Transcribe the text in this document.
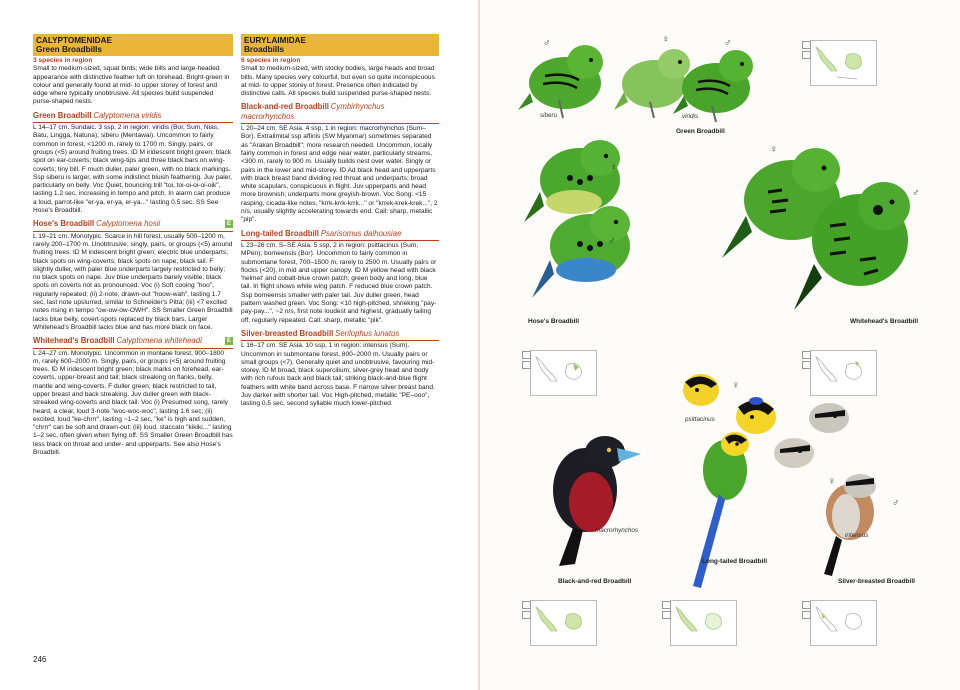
CALYPTOMENIDAE
Green Broadbills
3 species in region
Small to medium-sized, squat birds; wide bills and large-headed appearance with distinctive feather tuft on forehead. Bright-green in colour and generally found at mid- to upper storey of forest and edge where typically unobtrusive. All species build suspended purse-shaped nests.
Green Broadbill Calyptomena viridis
L 14–17 cm. Sundaic. 3 ssp, 2 in region: viridis (Bor, Sum, Nias, Batu, Lingga, Natuna); siberu (Mentawai). Uncommon to fairly common in forest, <1200 m, rarely to 1700 m. Singly, pairs, or groups (<5) around fruiting trees. ID M iridescent bright green; black spot on ear-coverts; black wing-tips and three black bars on wing-coverts; tiny bill. F much duller, paler green, with no black markings. Ssp siberu is larger, with some indistinct bluish feathering. Juv paler, particularly on belly. Voc Quiet, bouncing trill "toi, toi-oi-oi-oi-oik", lasting 1.2 sec, increasing in tempo and pitch. In alarm can produce a loud, parrot-like "er-ya, er-ya, er-ya..." lasting 0.5 sec. SS See Hose's Broadbill.
Hose's Broadbill Calyptomena hosii	E
L 19–21 cm. Monotypic. Scarce in hill forest, usually 500–1200 m, rarely 200–1700 m. Unobtrusive; singly, pairs, or groups (<5) around fruiting trees. ID M iridescent bright green; electric blue underparts; black spots on wing-coverts; black spots on nape; black tail. F slightly duller, with paler blue underparts largely restricted to belly; no black spots on nape. Juv blue underparts barely visible; black spots on coverts not as pronounced. Voc (i) Soft cooing "hoo", regularly repeated; (ii) 2-note, drawn-out "hoow-wah", lasting 1.7 sec, last note upslurred, similar to Schneider's Pitta; (iii) <7 excited notes rising in tempo "ow-ow-ow-OWH". SS Smaller Green Broadbill lacks blue belly, covert-spots replaced by black bars. Larger Whitehead's Broadbill lacks blue and has more black on face.
Whitehead's Broadbill Calyptomena whiteheadi	E
L 24–27 cm. Monotypic. Uncommon in montane forest, 900–1800 m, rarely 600–2000 m. Singly, pairs, or groups (<5) around fruiting trees. ID M iridescent bright green; black marks on forehead, ear-coverts, upper-breast and tail; black streaking on flanks, belly, mantle and wing-coverts. F duller green; black restricted to tail, upper breast and back streaking. Juv duller green with black-streaked wing-coverts and black tail. Voc (i) Presumed song, rarely heard, a clear, loud 3-note "woc-woc-woc", lasting 1.6 sec; (ii) excited, loud "ke-chrrr", lasting ~1–2 sec, "ke" is high and sudden, "chrrr" can be soft and drawn-out; (iii) loud, staccato "kikiki..." lasting 1–2 sec, often given when flying off. SS Smaller Green Broadbill has less black on throat and under- and upperparts. See also Hose's Broadbill.
EURYLAIMIDAE
Broadbills
6 species in region
Small to medium-sized, with stocky bodies, large heads and broad bills. Many species very colourful, but even so quite inconspicuous at mid- to upper storey of forest. Presence often indicated by distinctive calls. All species build suspended purse-shaped nests.
Black-and-red Broadbill Cymbirhynchus macrorhynchos
L 20–24 cm. SE Asia. 4 ssp, 1 in region: macrorhynchos (Sum–Bor). Extralimital ssp affinis (SW Myanmar) sometimes separated as "Arakan Broadbill"; more research needed. Uncommon, locally fairly common in forest and edge near water, particularly streams, <300 m, rarely to 900 m. Usually builds nest over water. Singly or pairs in the lower and mid-storey. ID Ad black head and upperparts with black breast band dividing red throat and underparts; broad white scapulars, conspicuous in flight. Juv upperparts and head more brownish; underparts more greyish-brown. Voc Song: <15 rasping, cicada-like notes, "krrk-krrk-krrk..." or "krrek-krek-krek...", 2 n/s, usually slightly accelerating towards end. Call: sharp, metallic "pip".
Long-tailed Broadbill Psarisomus dalhousiae
L 23–26 cm. S–SE Asia. 5 ssp, 2 in region: psittacinus (Sum, MPen); borneensis (Bor). Uncommon to fairly common in submontane forest, 700–1500 m, rarely to 2500 m. Usually pairs or flocks (<20), in mid and upper canopy. ID M yellow head with black 'helmet' and cobalt-blue crown patch; green body and long, blue tail. In flight shows white wing patch. F reduced blue crown patch. Ssp borneensis smaller with paler tail. Juv duller green, head pattern washed green. Voc Song: <10 high-pitched, shrieking "pay-pay-pay...", ~2 n/s, first note loudest and highest, gradually tailing off, regularly repeated. Call: sharp, metallic "pik".
Silver-breasted Broadbill Serilophus lunatus
L 16–17 cm. SE Asia. 10 ssp, 1 in region: intensus (Sum). Uncommon in submontane forest, 800–2000 m. Usually pairs or small groups (<7). Generally quiet and unobtrusive, favouring mid-storey. ID M broad, black supercilium; silver-grey head and body with rich rufous back and black tail; striking black-and-blue flight feathers with white band across base. F narrow silver breast band. Juv darker with shorter tail. Voc High-pitched, metallic "PE–ooo", lasting 0.5 sec, second syllable much lower-pitched.
246
♂	♀	♂
siberu	viridis
Green Broadbill
♀
♂
Hose's Broadbill
♀
♂
Whitehead's Broadbill
♀
psittacinus
Long-tailed Broadbill
macrorhynchos
Black-and-red Broadbill
♀
♂
intensus
Silver-breasted Broadbill
